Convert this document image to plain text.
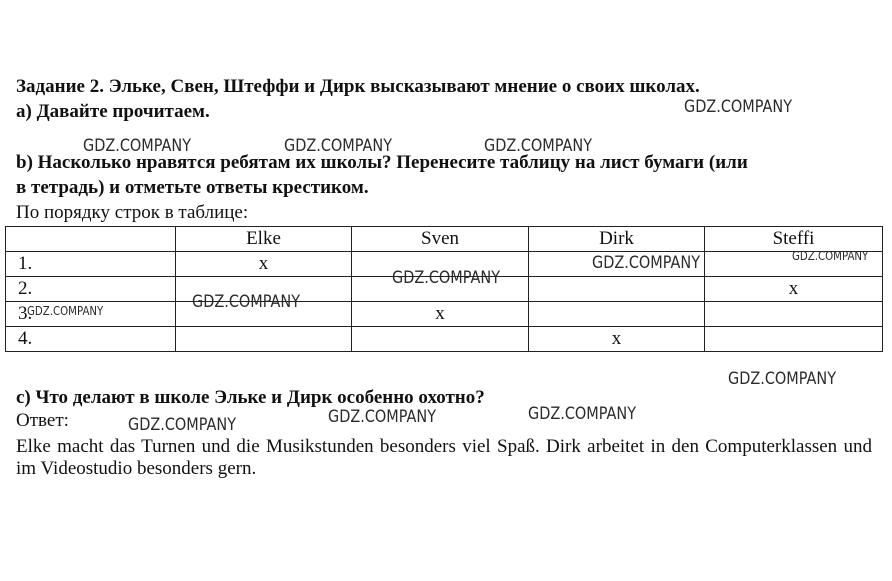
Задание 2. Эльке, Свен, Штеффи и Дирк высказывают мнение о своих школах.
а) Давайте прочитаем.
b) Насколько нравятся ребятам их школы? Перенесите таблицу на лист бумаги (или
в тетрадь) и отметьте ответы крестиком.
По порядку строк в таблице:
	Elke	Sven	Dirk	Steffi
1.	x			
2.				x
3.		x		
4.			x	
с) Что делают в школе Эльке и Дирк особенно охотно?
Ответ:
Elke macht das Turnen und die Musikstunden besonders viel Spaß. Dirk arbeitet in den Computerklassen und im Videostudio besonders gern.
GDZ.COMPANY
GDZ.COMPANY	GDZ.COMPANY	GDZ.COMPANY
GDZ.COMPANY	GDZ.COMPANY
GDZ.COMPANY
GDZ.COMPANY
GDZ.COMPANY
GDZ.COMPANY
GDZ.COMPANY	GDZ.COMPANY	GDZ.COMPANY
